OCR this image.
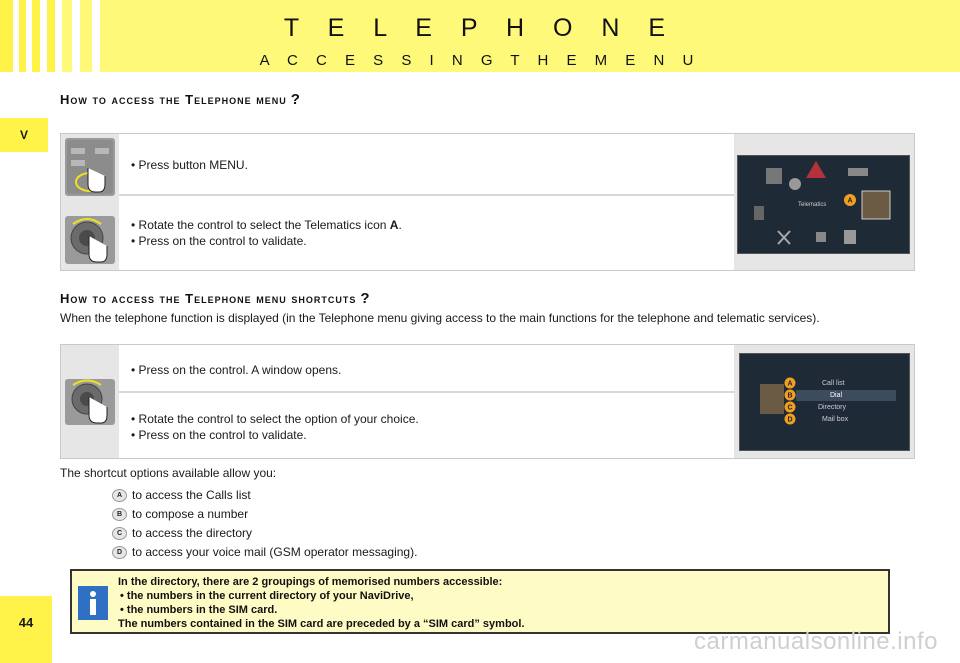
T E L E P H O N E
A C C E S S I N G T H E M E N U
V
44
How to access the Telephone menu ?
• Press button MENU.
• Rotate the control to select the Telematics icon A.
• Press on the control to validate.
Telematics
A
How to access the Telephone menu shortcuts ?
When the telephone function is displayed (in the Telephone menu giving access to the main functions for the telephone and telematic services).
• Press on the control. A window opens.
• Rotate the control to select the option of your choice.
• Press on the control to validate.
A	Call list
B	Dial
C	Directory
D	Mail box
The shortcut options available allow you:
A to access the Calls list
B to compose a number
C to access the directory
D to access your voice mail (GSM operator messaging).
In the directory, there are 2 groupings of memorised numbers accessible:
• the numbers in the current directory of your NaviDrive,
• the numbers in the SIM card.
The numbers contained in the SIM card are preceded by a “SIM card” symbol.
carmanualsonline.info
